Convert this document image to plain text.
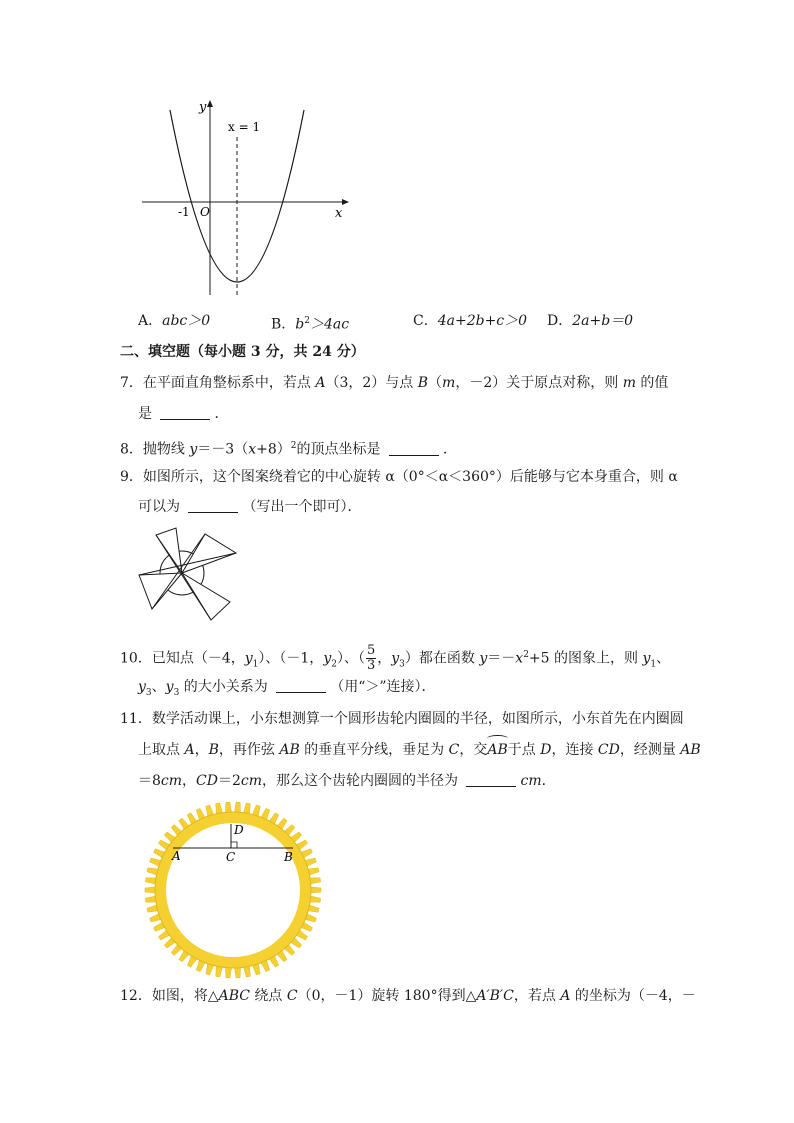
y
x
x = 1
O
-1
A．abc＞0	B．$b^2>4ac$	C．4a+2b+c＞0 D．2a+b＝0
二、填空题（每小题 3 分，共 24 分）
7．在平面直角整标系中，若点 A（3，2）与点 B（m，－2）关于原点对称，则 m 的值
是	．
8．抛物线 $y=-3(x+8)^2$的顶点坐标是	．
9．如图所示，这个图案绕着它的中心旋转 α（0°＜α＜360°）后能够与它本身重合，则 α
可以为	（写出一个即可）．
10．已知点（－4，$y_1$）、（－1，$y_2$）、（ $\frac{5}{3}$ ，$y_3$）都在函数 $y=-x^2+5$ 的图象上，则 $y_1$、
$y_3$、$y_3$ 的大小关系为	（用“＞”连接）．
11．数学活动课上，小东想测算一个圆形齿轮内圈圆的半径，如图所示，小东首先在内圈圆
上取点 A，B，再作弦 AB 的垂直平分线，垂足为 C，交AB于点 D，连接 CD，经测量 AB
＝8cm，CD＝2cm，那么这个齿轮内圈圆的半径为	cm．
A	B
C
D
12．如图，将△ABC 绕点 C（0，－1）旋转 180°得到△A′B′C，若点 A 的坐标为（－4，－
